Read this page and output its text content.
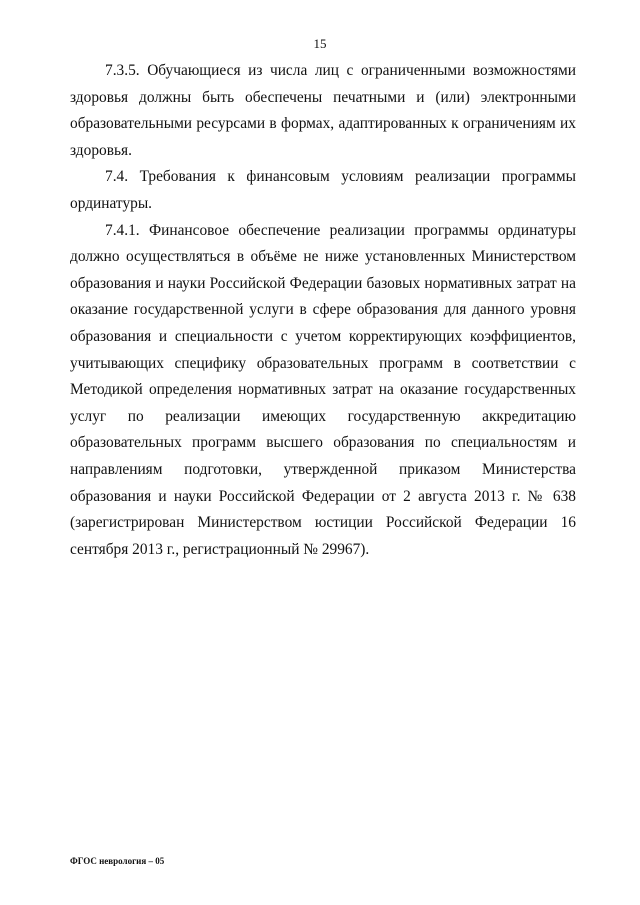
15

7.3.5. Обучающиеся из числа лиц с ограниченными возможностями здоровья должны быть обеспечены печатными и (или) электронными образовательными ресурсами в формах, адаптированных к ограничениям их здоровья.

7.4. Требования к финансовым условиям реализации программы ординатуры.

7.4.1. Финансовое обеспечение реализации программы ординатуры должно осуществляться в объёме не ниже установленных Министерством образования и науки Российской Федерации базовых нормативных затрат на оказание государственной услуги в сфере образования для данного уровня образования и специальности с учетом корректирующих коэффициентов, учитывающих специфику образовательных программ в соответствии с Методикой определения нормативных затрат на оказание государственных услуг по реализации имеющих государственную аккредитацию образовательных программ высшего образования по специальностям и направлениям подготовки, утвержденной приказом Министерства образования и науки Российской Федерации от 2 августа 2013 г. № 638 (зарегистрирован Министерством юстиции Российской Федерации 16 сентября 2013 г., регистрационный № 29967).

ФГОС неврология – 05
